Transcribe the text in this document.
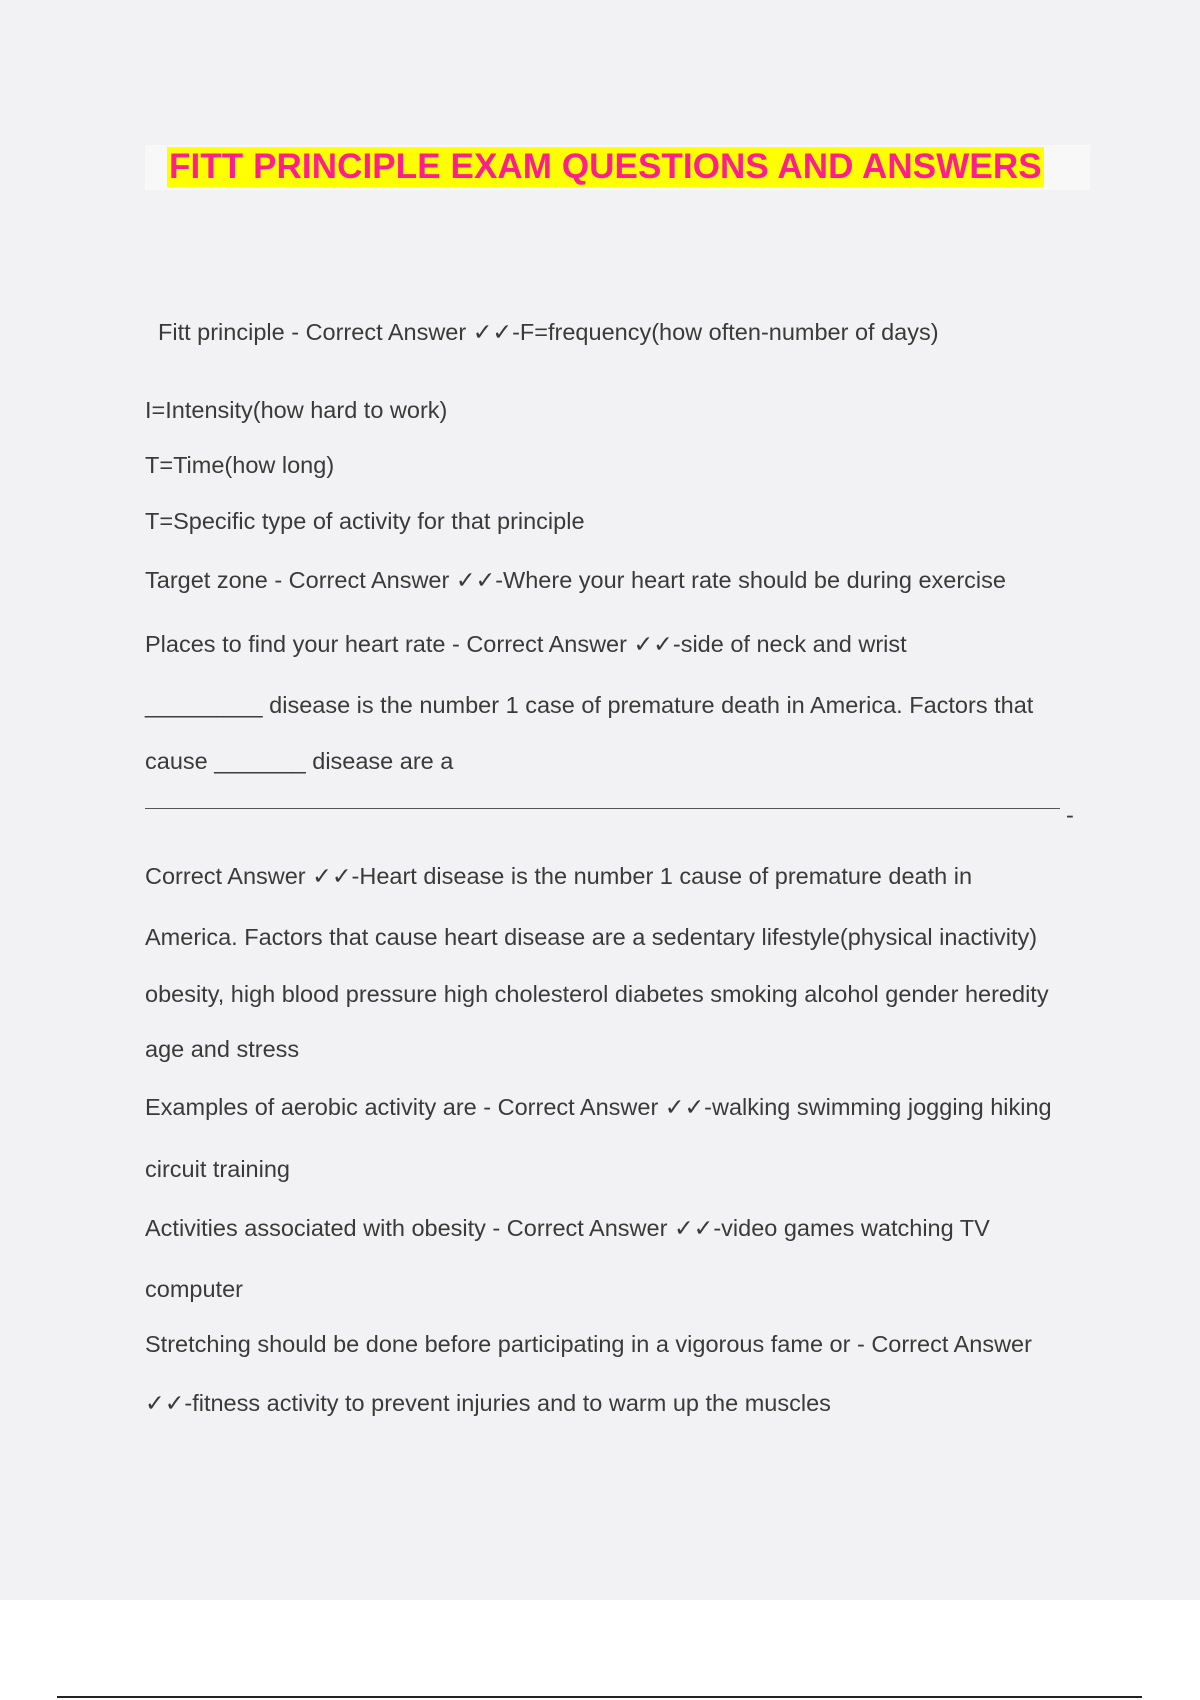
FITT PRINCIPLE EXAM QUESTIONS AND ANSWERS
Fitt principle - Correct Answer ✓✓-F=frequency(how often-number of days)
I=Intensity(how hard to work)
T=Time(how long)
T=Specific type of activity for that principle
Target zone - Correct Answer ✓✓-Where your heart rate should be during exercise
Places to find your heart rate - Correct Answer ✓✓-side of neck and wrist
_________ disease is the number 1 case of premature death in America. Factors that
cause _______ disease are a
-
Correct Answer ✓✓-Heart disease is the number 1 cause of premature death in
America. Factors that cause heart disease are a sedentary lifestyle(physical inactivity)
obesity, high blood pressure high cholesterol diabetes smoking alcohol gender heredity
age and stress
Examples of aerobic activity are - Correct Answer ✓✓-walking swimming jogging hiking
circuit training
Activities associated with obesity - Correct Answer ✓✓-video games watching TV
computer
Stretching should be done before participating in a vigorous fame or - Correct Answer
✓✓-fitness activity to prevent injuries and to warm up the muscles
